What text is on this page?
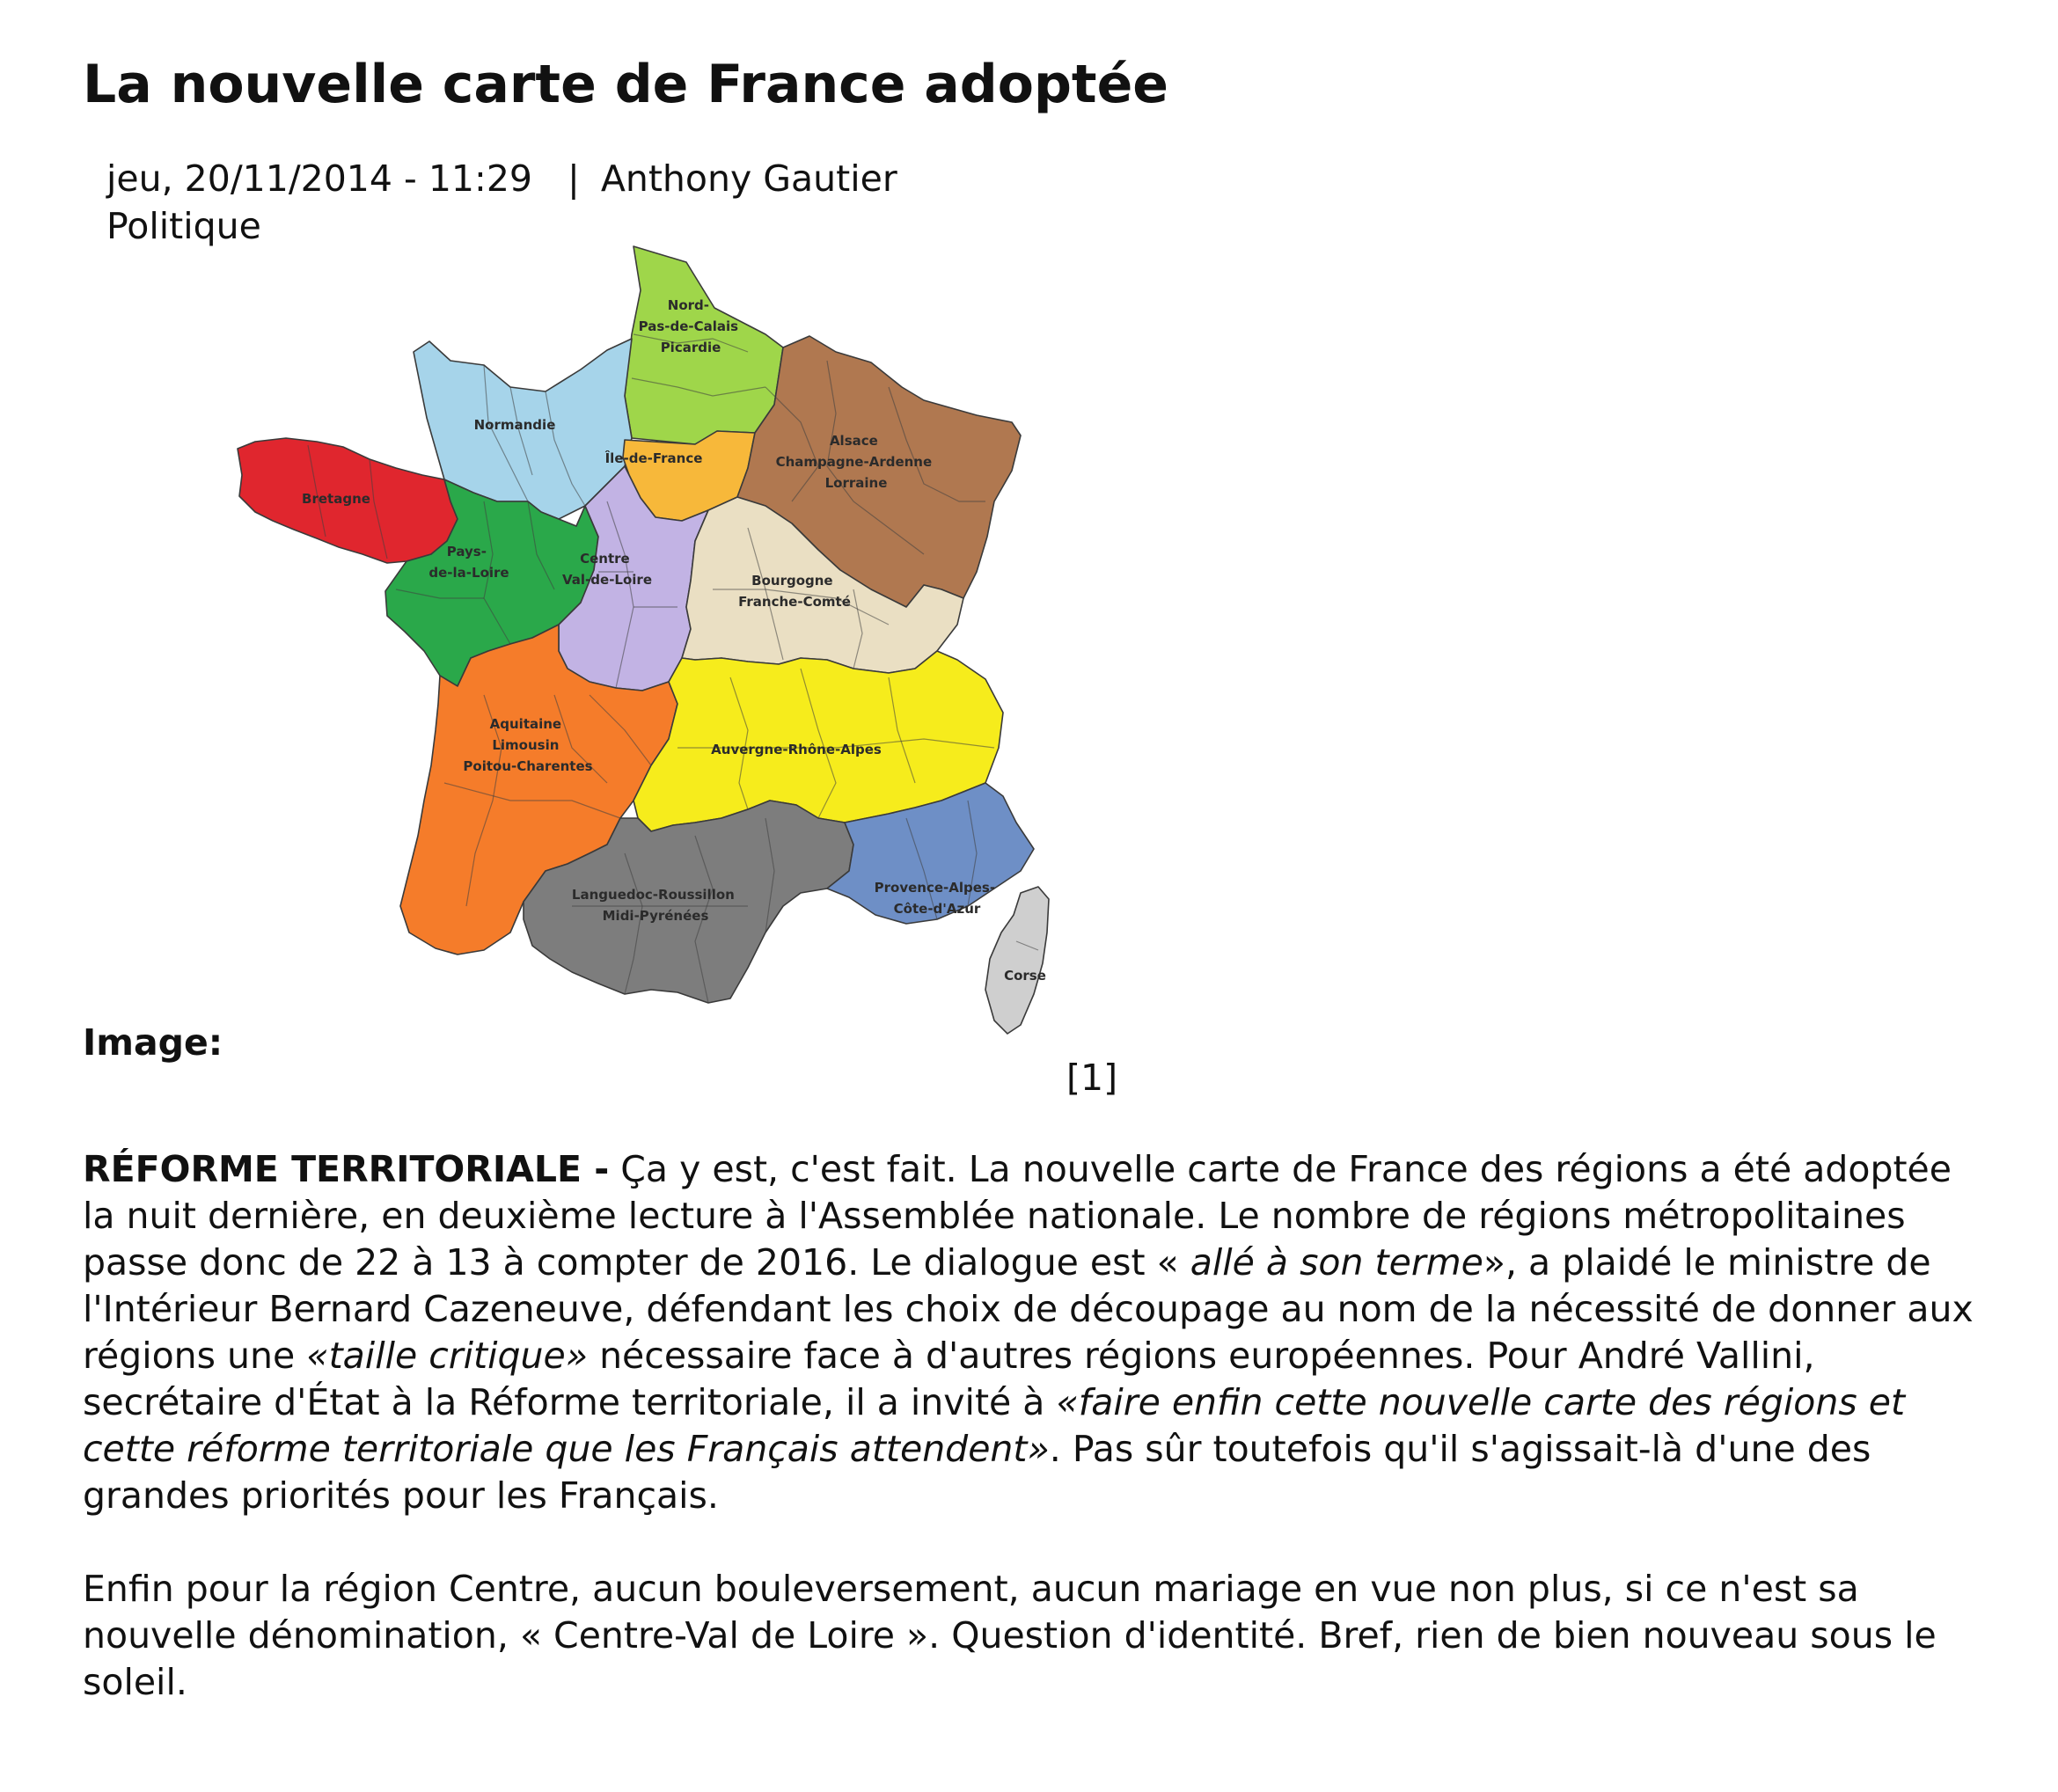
La nouvelle carte de France adoptée
jeu, 20/11/2014 - 11:29 | Anthony Gautier
Politique
Nord- Pas-de-Calais Picardie
Normandie
Île-de-France
Alsace Champagne-Ardenne Lorraine
Bretagne
Pays- de-la-Loire
Centre Val-de-Loire	Bourgogne Franche-Comté
Aquitaine Limousin Poitou-Charentes
Auvergne-Rhône-Alpes
Languedoc-Roussillon Midi-Pyrénées
Provence-Alpes- Côte-d'Azur
Corse
Image:
[1]

RÉFORME TERRITORIALE - Ça y est, c'est fait. La nouvelle carte de France des régions a été adoptée la nuit dernière, en deuxième lecture à l'Assemblée nationale. Le nombre de régions métropolitaines passe donc de 22 à 13 à compter de 2016. Le dialogue est « allé à son terme», a plaidé le ministre de l'Intérieur Bernard Cazeneuve, défendant les choix de découpage au nom de la nécessité de donner aux régions une «taille critique» nécessaire face à d'autres régions européennes. Pour André Vallini, secrétaire d'État à la Réforme territoriale, il a invité à «faire enfin cette nouvelle carte des régions et cette réforme territoriale que les Français attendent». Pas sûr toutefois qu'il s'agissait-là d'une des grandes priorités pour les Français.

Enfin pour la région Centre, aucun bouleversement, aucun mariage en vue non plus, si ce n'est sa nouvelle dénomination, « Centre-Val de Loire ». Question d'identité. Bref, rien de bien nouveau sous le soleil.
